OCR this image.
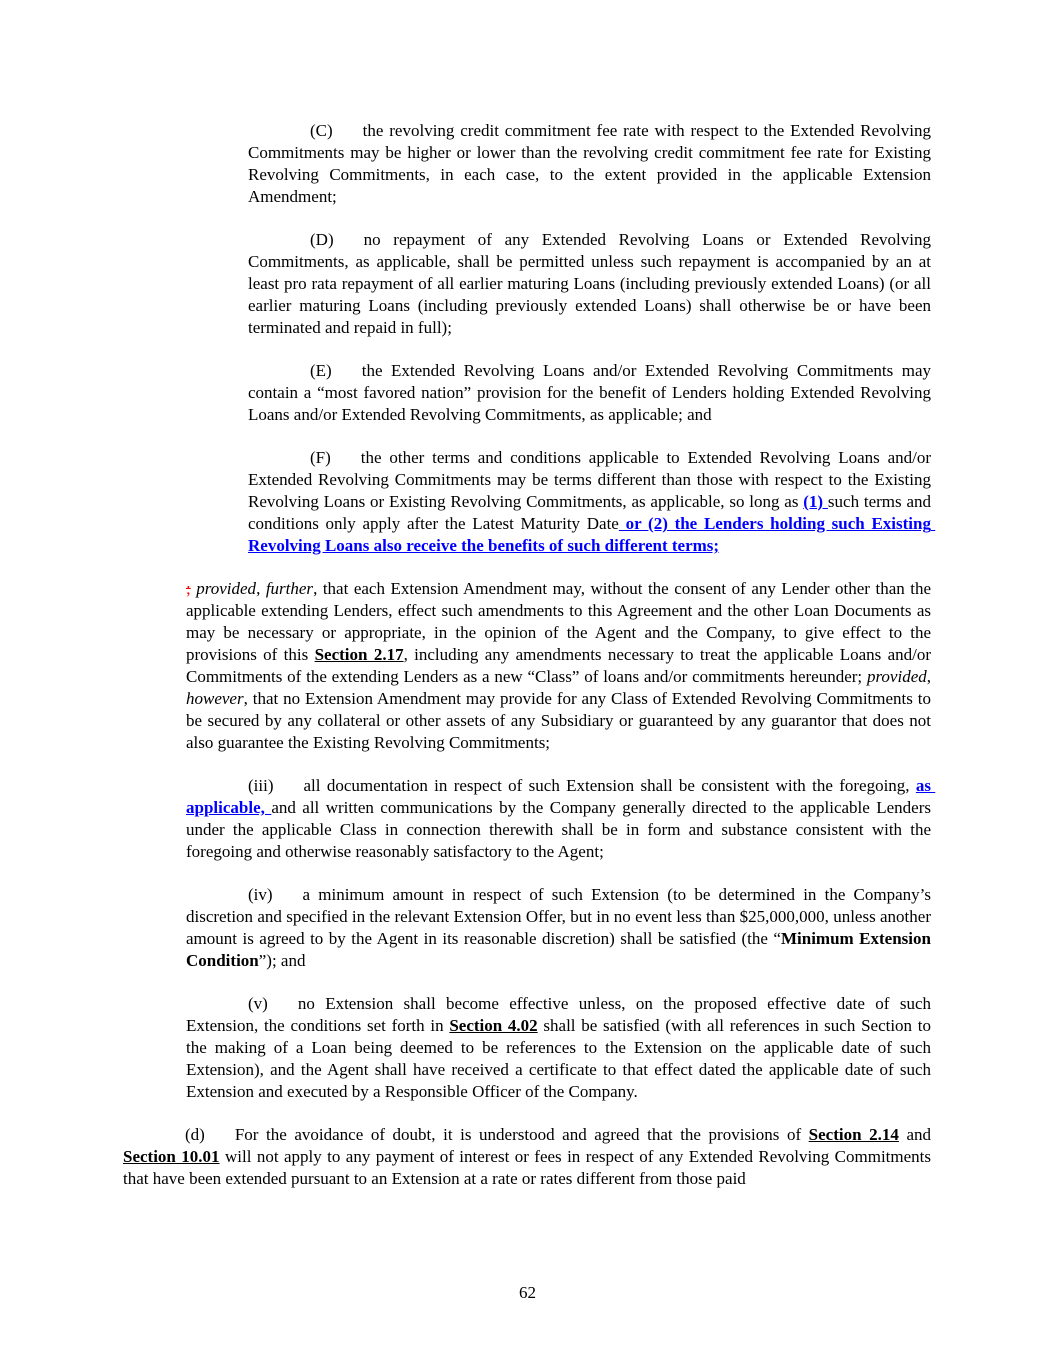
(C) the revolving credit commitment fee rate with respect to the Extended Revolving Commitments may be higher or lower than the revolving credit commitment fee rate for Existing Revolving Commitments, in each case, to the extent provided in the applicable Extension Amendment;
(D) no repayment of any Extended Revolving Loans or Extended Revolving Commitments, as applicable, shall be permitted unless such repayment is accompanied by an at least pro rata repayment of all earlier maturing Loans (including previously extended Loans) (or all earlier maturing Loans (including previously extended Loans) shall otherwise be or have been terminated and repaid in full);
(E) the Extended Revolving Loans and/or Extended Revolving Commitments may contain a “most favored nation” provision for the benefit of Lenders holding Extended Revolving Loans and/or Extended Revolving Commitments, as applicable; and
(F) the other terms and conditions applicable to Extended Revolving Loans and/or Extended Revolving Commitments may be terms different than those with respect to the Existing Revolving Loans or Existing Revolving Commitments, as applicable, so long as (1) such terms and conditions only apply after the Latest Maturity Date or (2) the Lenders holding such Existing Revolving Loans also receive the benefits of such different terms;
; provided, further, that each Extension Amendment may, without the consent of any Lender other than the applicable extending Lenders, effect such amendments to this Agreement and the other Loan Documents as may be necessary or appropriate, in the opinion of the Agent and the Company, to give effect to the provisions of this Section 2.17, including any amendments necessary to treat the applicable Loans and/or Commitments of the extending Lenders as a new “Class” of loans and/or commitments hereunder; provided, however, that no Extension Amendment may provide for any Class of Extended Revolving Commitments to be secured by any collateral or other assets of any Subsidiary or guaranteed by any guarantor that does not also guarantee the Existing Revolving Commitments;
(iii) all documentation in respect of such Extension shall be consistent with the foregoing, as applicable, and all written communications by the Company generally directed to the applicable Lenders under the applicable Class in connection therewith shall be in form and substance consistent with the foregoing and otherwise reasonably satisfactory to the Agent;
(iv) a minimum amount in respect of such Extension (to be determined in the Company’s discretion and specified in the relevant Extension Offer, but in no event less than $25,000,000, unless another amount is agreed to by the Agent in its reasonable discretion) shall be satisfied (the “Minimum Extension Condition”); and
(v) no Extension shall become effective unless, on the proposed effective date of such Extension, the conditions set forth in Section 4.02 shall be satisfied (with all references in such Section to the making of a Loan being deemed to be references to the Extension on the applicable date of such Extension), and the Agent shall have received a certificate to that effect dated the applicable date of such Extension and executed by a Responsible Officer of the Company.
(d) For the avoidance of doubt, it is understood and agreed that the provisions of Section 2.14 and Section 10.01 will not apply to any payment of interest or fees in respect of any Extended Revolving Commitments that have been extended pursuant to an Extension at a rate or rates different from those paid
62
